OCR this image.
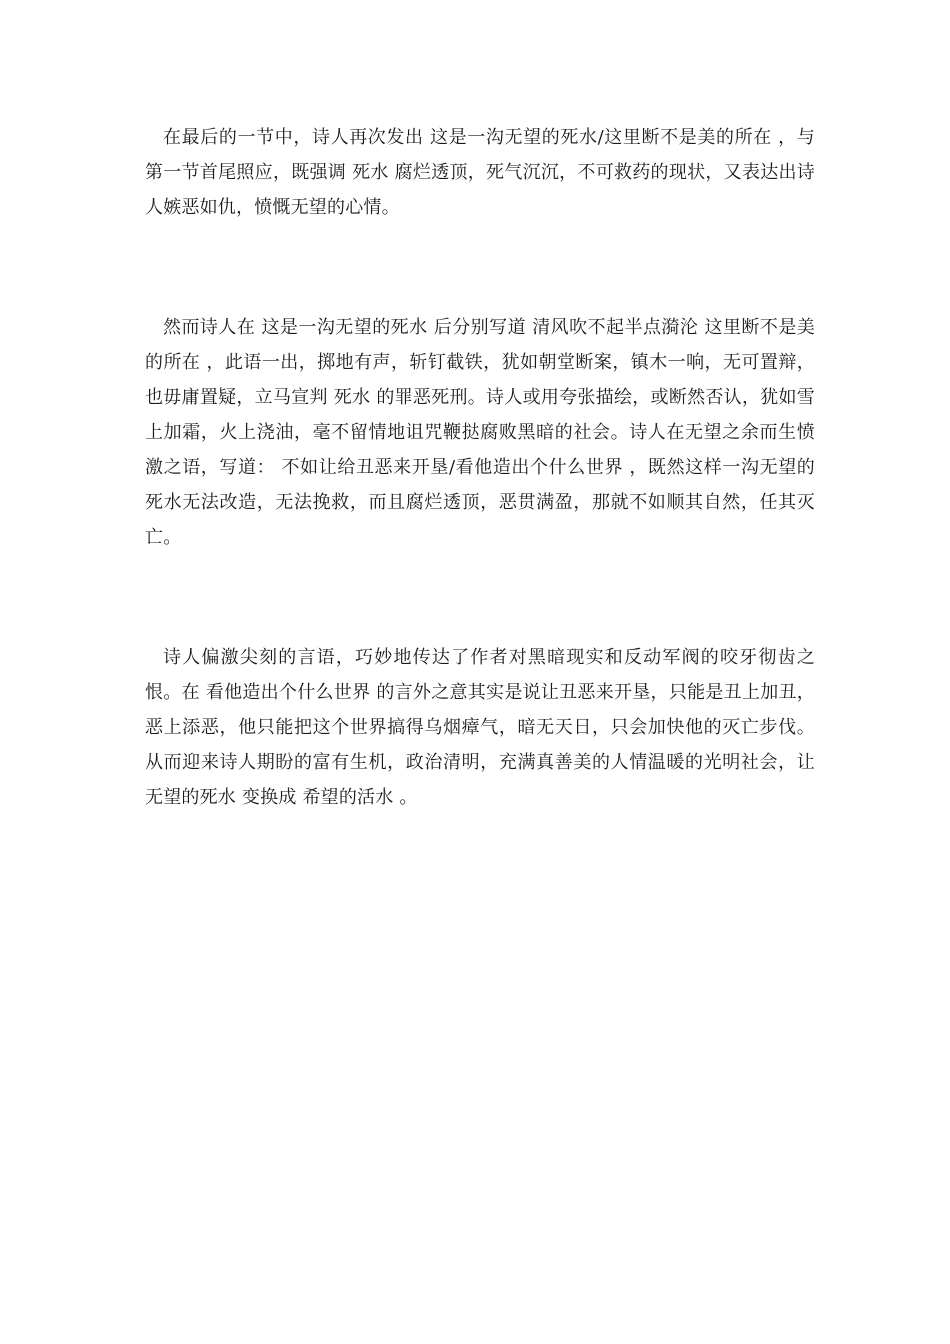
在最后的一节中，诗人再次发出 这是一沟无望的死水/这里断不是美的所在 ，与第一节首尾照应，既强调 死水 腐烂透顶，死气沉沉，不可救药的现状，又表达出诗人嫉恶如仇，愤慨无望的心情。

然而诗人在 这是一沟无望的死水 后分别写道 清风吹不起半点漪沦 这里断不是美的所在 ，此语一出，掷地有声，斩钉截铁，犹如朝堂断案，镇木一响，无可置辩，也毋庸置疑，立马宣判 死水 的罪恶死刑。诗人或用夸张描绘，或断然否认，犹如雪上加霜，火上浇油，毫不留情地诅咒鞭挞腐败黑暗的社会。诗人在无望之余而生愤激之语，写道： 不如让给丑恶来开垦/看他造出个什么世界 ，既然这样一沟无望的死水无法改造，无法挽救，而且腐烂透顶，恶贯满盈，那就不如顺其自然，任其灭亡。

诗人偏激尖刻的言语，巧妙地传达了作者对黑暗现实和反动军阀的咬牙彻齿之恨。在 看他造出个什么世界 的言外之意其实是说让丑恶来开垦，只能是丑上加丑，恶上添恶，他只能把这个世界搞得乌烟瘴气，暗无天日，只会加快他的灭亡步伐。从而迎来诗人期盼的富有生机，政治清明，充满真善美的人情温暖的光明社会，让 无望的死水 变换成 希望的活水 。
